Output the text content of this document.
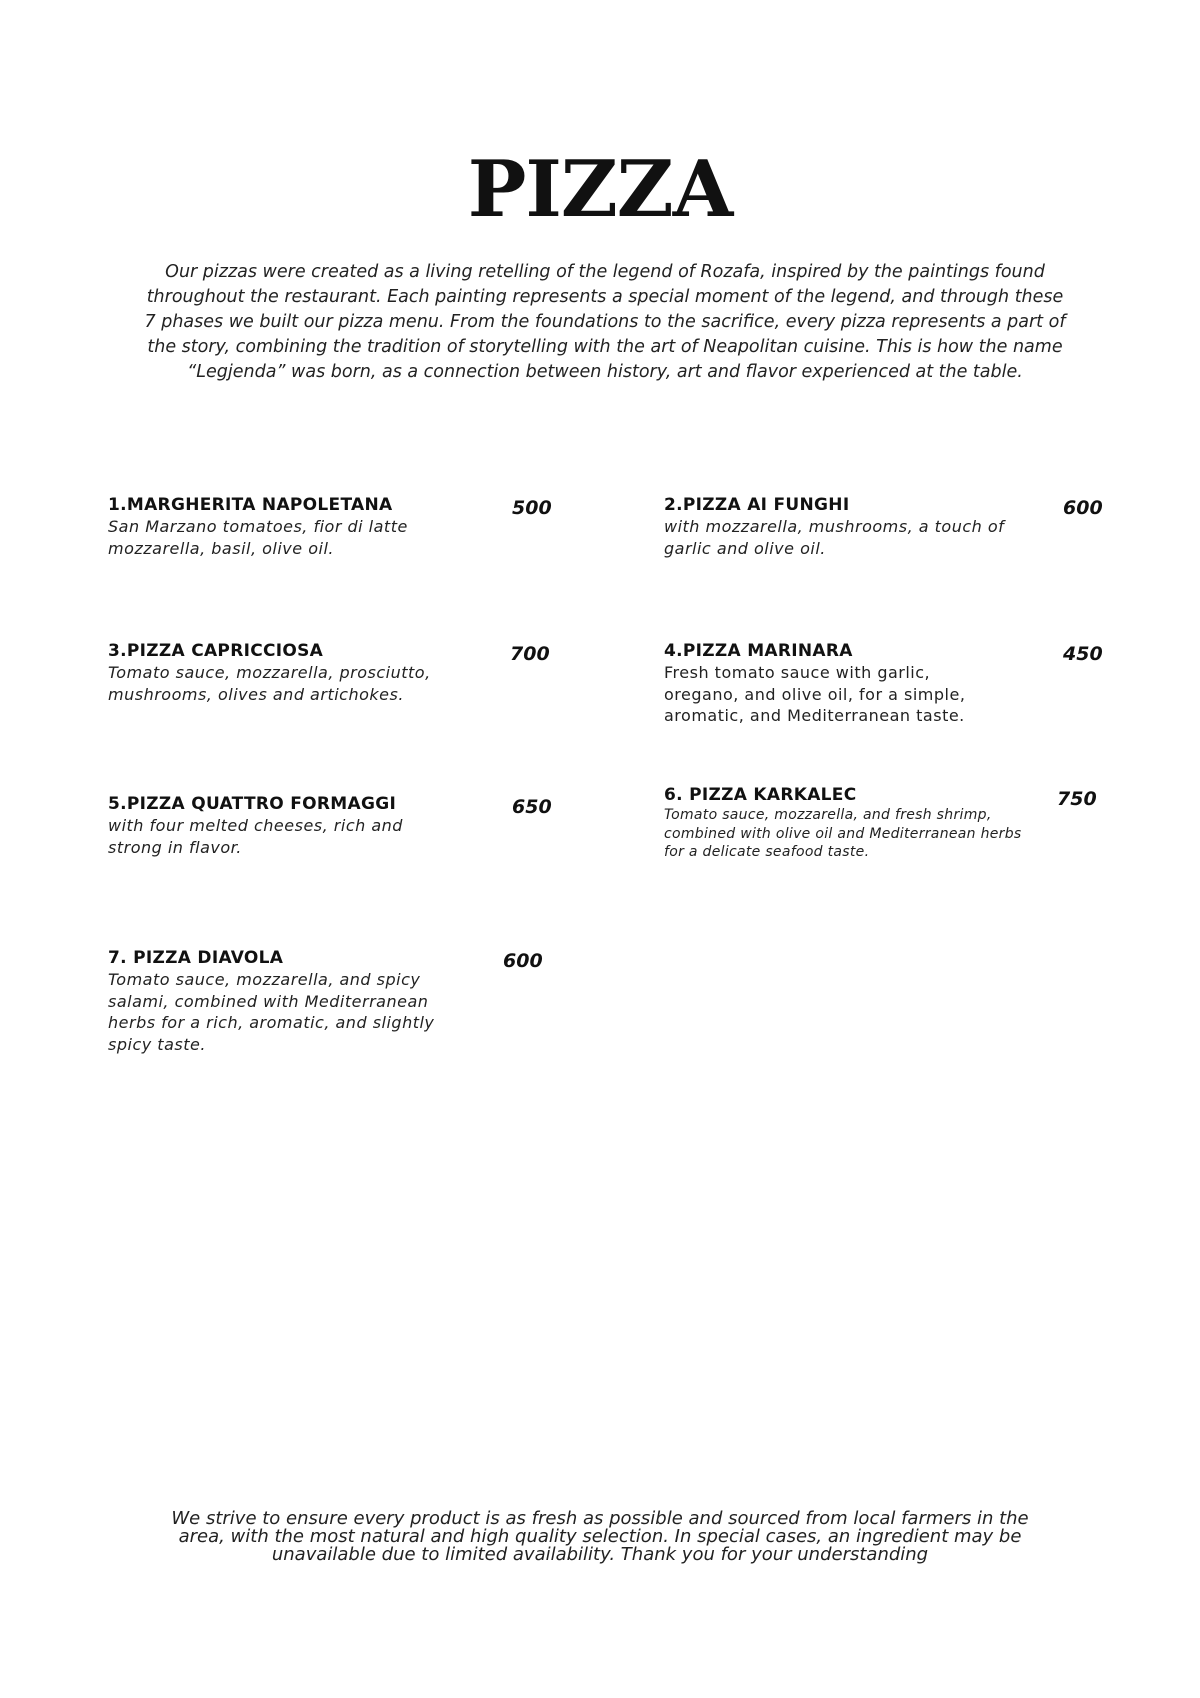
PIZZA
Our pizzas were created as a living retelling of the legend of Rozafa, inspired by the paintings found throughout the restaurant. Each painting represents a special moment of the legend, and through these 7 phases we built our pizza menu. From the foundations to the sacrifice, every pizza represents a part of the story, combining the tradition of storytelling with the art of Neapolitan cuisine. This is how the name “Legjenda” was born, as a connection between history, art and flavor experienced at the table.
1.MARGHERITA NAPOLETANA
San Marzano tomatoes, fior di latte mozzarella, basil, olive oil.
500	2.PIZZA AI FUNGHI
with mozzarella, mushrooms, a touch of garlic and olive oil.
600
3.PIZZA CAPRICCIOSA
Tomato sauce, mozzarella, prosciutto, mushrooms, olives and artichokes.
700	4.PIZZA MARINARA
Fresh tomato sauce with garlic, oregano, and olive oil, for a simple, aromatic, and Mediterranean taste.
450
5.PIZZA QUATTRO FORMAGGI
with four melted cheeses, rich and strong in flavor.
650
6. PIZZA KARKALEC
Tomato sauce, mozzarella, and fresh shrimp, combined with olive oil and Mediterranean herbs for a delicate seafood taste.
750
7. PIZZA DIAVOLA
Tomato sauce, mozzarella, and spicy salami, combined with Mediterranean herbs for a rich, aromatic, and slightly spicy taste.
600
We strive to ensure every product is as fresh as possible and sourced from local farmers in the area, with the most natural and high quality selection. In special cases, an ingredient may be unavailable due to limited availability. Thank you for your understanding
